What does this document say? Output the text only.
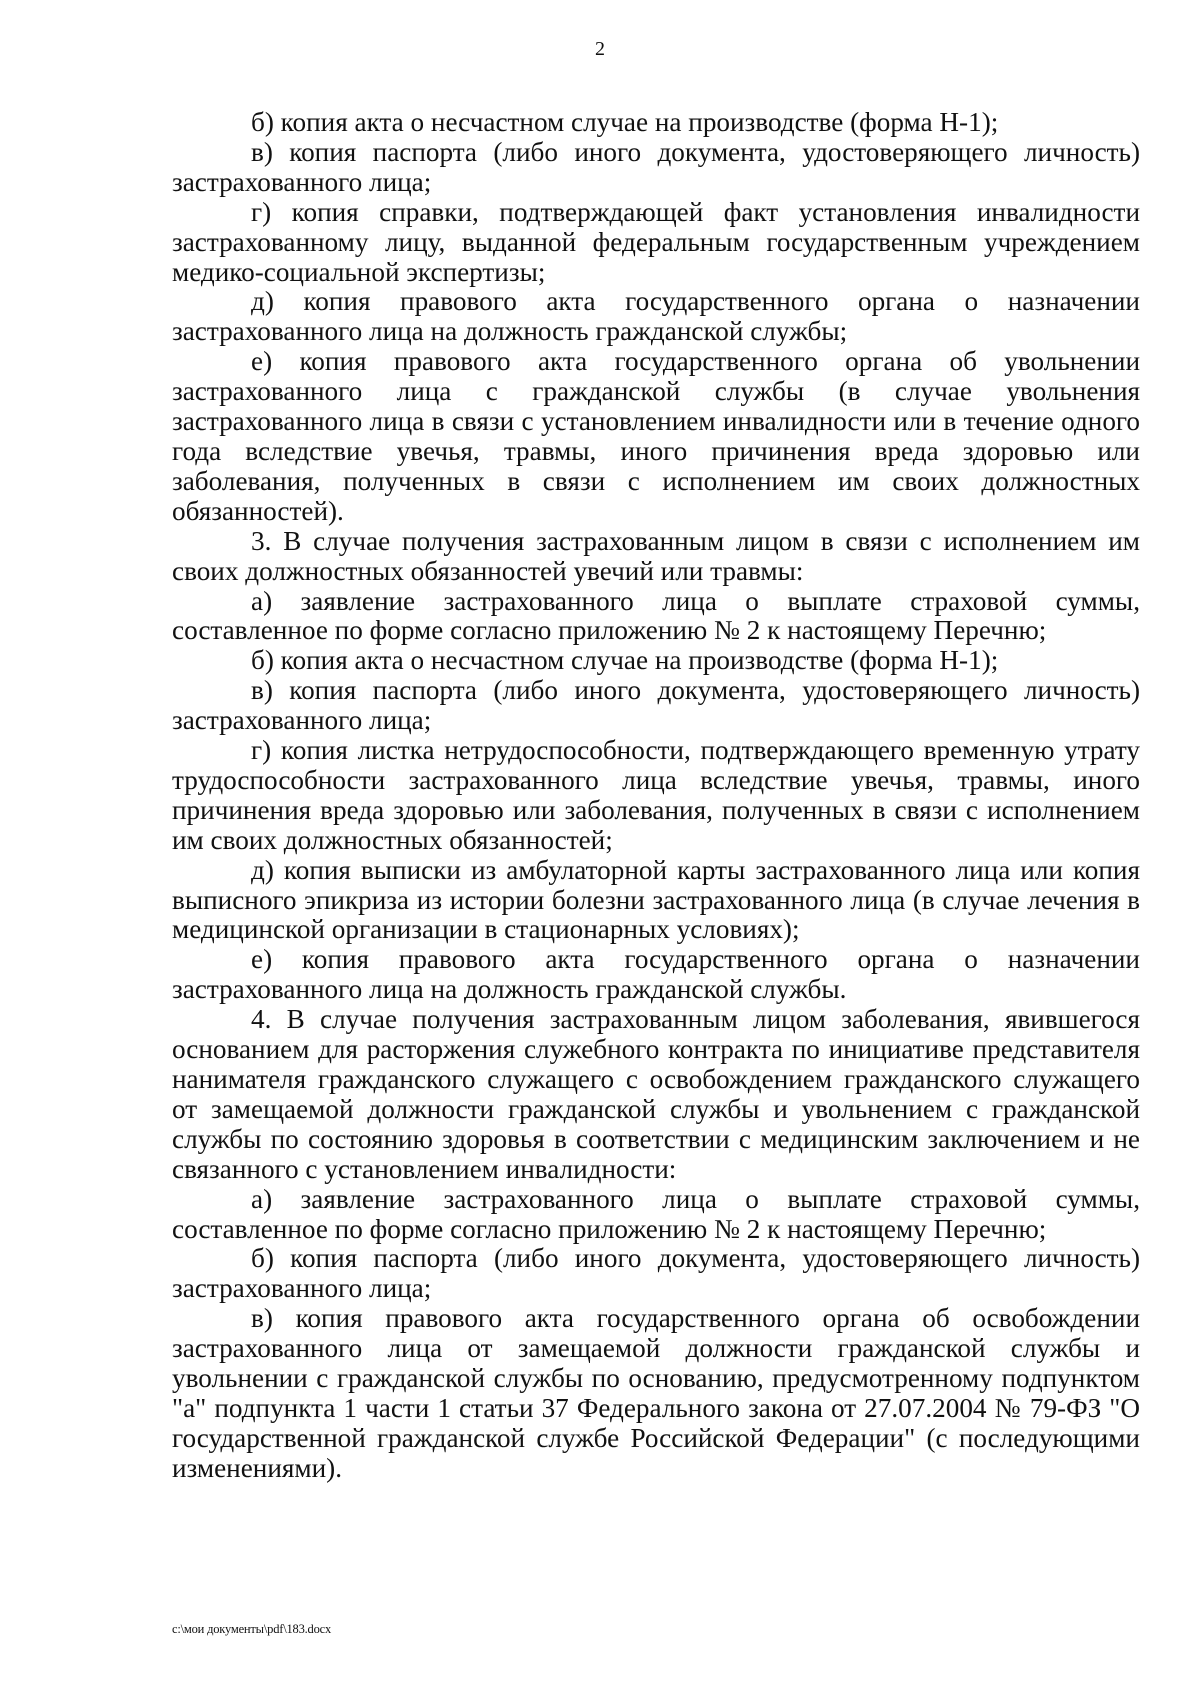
2

б) копия акта о несчастном случае на производстве (форма Н-1);

в) копия паспорта (либо иного документа, удостоверяющего личность) застрахованного лица;

г) копия справки, подтверждающей факт установления инвалидности застрахованному лицу, выданной федеральным государственным учреждением медико-социальной экспертизы;

д) копия правового акта государственного органа о назначении застрахованного лица на должность гражданской службы;

е) копия правового акта государственного органа об увольнении застрахованного лица с гражданской службы (в случае увольнения застрахованного лица в связи с установлением инвалидности или в течение одного года вследствие увечья, травмы, иного причинения вреда здоровью или заболевания, полученных в связи с исполнением им своих должностных обязанностей).

3. В случае получения застрахованным лицом в связи с исполнением им своих должностных обязанностей увечий или травмы:

а) заявление застрахованного лица о выплате страховой суммы, составленное по форме согласно приложению № 2 к настоящему Перечню;

б) копия акта о несчастном случае на производстве (форма Н-1);

в) копия паспорта (либо иного документа, удостоверяющего личность) застрахованного лица;

г) копия листка нетрудоспособности, подтверждающего временную утрату трудоспособности застрахованного лица вследствие увечья, травмы, иного причинения вреда здоровью или заболевания, полученных в связи с исполнением им своих должностных обязанностей;

д) копия выписки из амбулаторной карты застрахованного лица или копия выписного эпикриза из истории болезни застрахованного лица (в случае лечения в медицинской организации в стационарных условиях);

е) копия правового акта государственного органа о назначении застрахованного лица на должность гражданской службы.

4. В случае получения застрахованным лицом заболевания, явившегося основанием для расторжения служебного контракта по инициативе представителя нанимателя гражданского служащего с освобождением гражданского служащего от замещаемой должности гражданской службы и увольнением с гражданской службы по состоянию здоровья в соответствии с медицинским заключением и не связанного с установлением инвалидности:

а) заявление застрахованного лица о выплате страховой суммы, составленное по форме согласно приложению № 2 к настоящему Перечню;

б) копия паспорта (либо иного документа, удостоверяющего личность) застрахованного лица;

в) копия правового акта государственного органа об освобождении застрахованного лица от замещаемой должности гражданской службы и увольнении с гражданской службы по основанию, предусмотренному подпунктом "а" подпункта 1 части 1 статьи 37 Федерального закона от 27.07.2004 № 79-ФЗ "О государственной гражданской службе Российской Федерации" (с последующими изменениями).

c:\мои документы\pdf\183.docx
